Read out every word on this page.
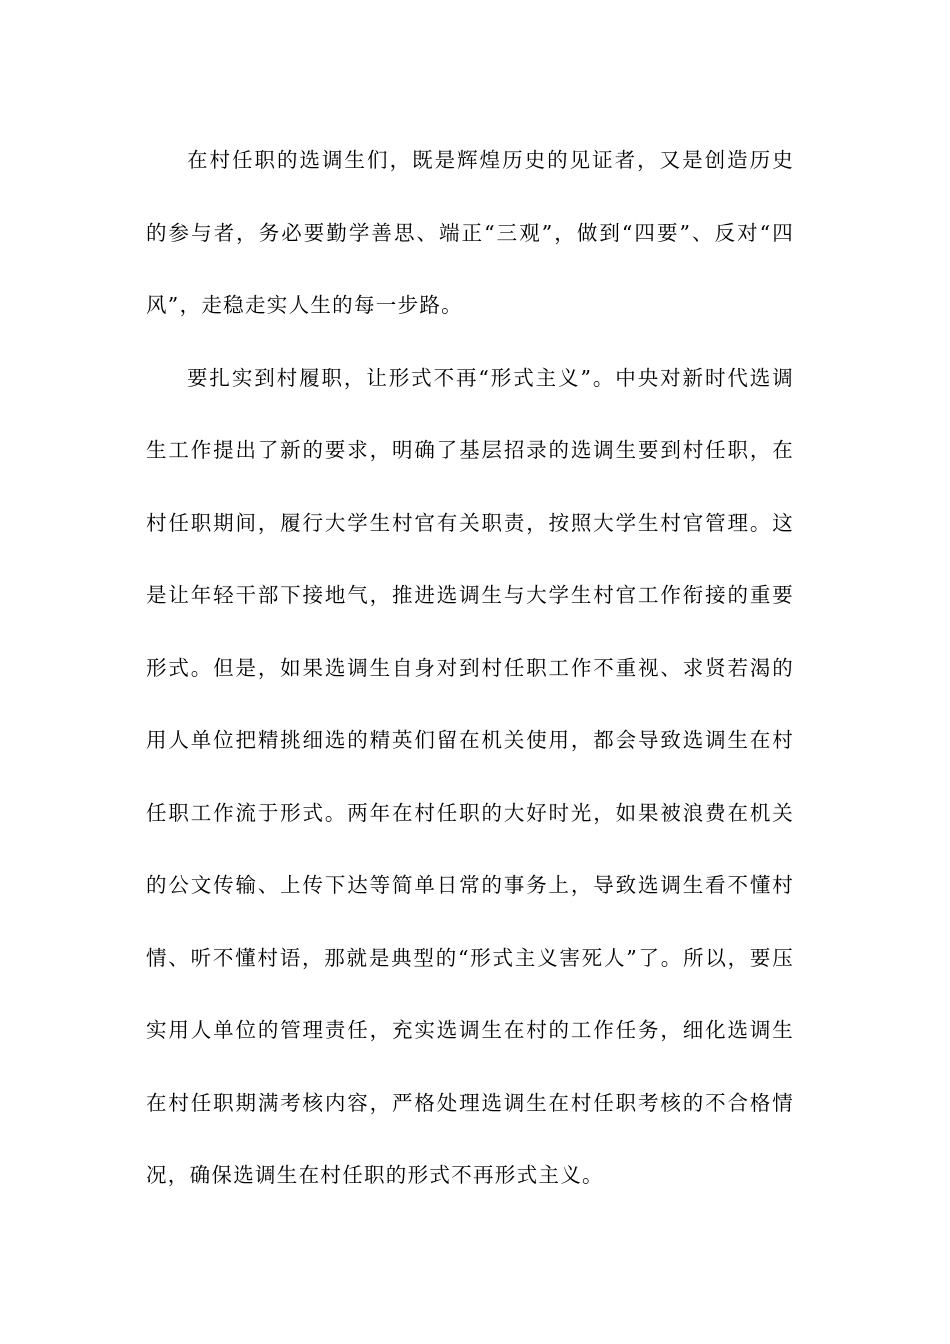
在村任职的选调生们，既是辉煌历史的见证者，又是创造历史的参与者，务必要勤学善思、端正“三观”，做到“四要”、反对“四风”，走稳走实人生的每一步路。

要扎实到村履职，让形式不再“形式主义”。中央对新时代选调生工作提出了新的要求，明确了基层招录的选调生要到村任职，在村任职期间，履行大学生村官有关职责，按照大学生村官管理。这是让年轻干部下接地气，推进选调生与大学生村官工作衔接的重要形式。但是，如果选调生自身对到村任职工作不重视、求贤若渴的用人单位把精挑细选的精英们留在机关使用，都会导致选调生在村任职工作流于形式。两年在村任职的大好时光，如果被浪费在机关的公文传输、上传下达等简单日常的事务上，导致选调生看不懂村情、听不懂村语，那就是典型的“形式主义害死人”了。所以，要压实用人单位的管理责任，充实选调生在村的工作任务，细化选调生在村任职期满考核内容，严格处理选调生在村任职考核的不合格情况，确保选调生在村任职的形式不再形式主义。
